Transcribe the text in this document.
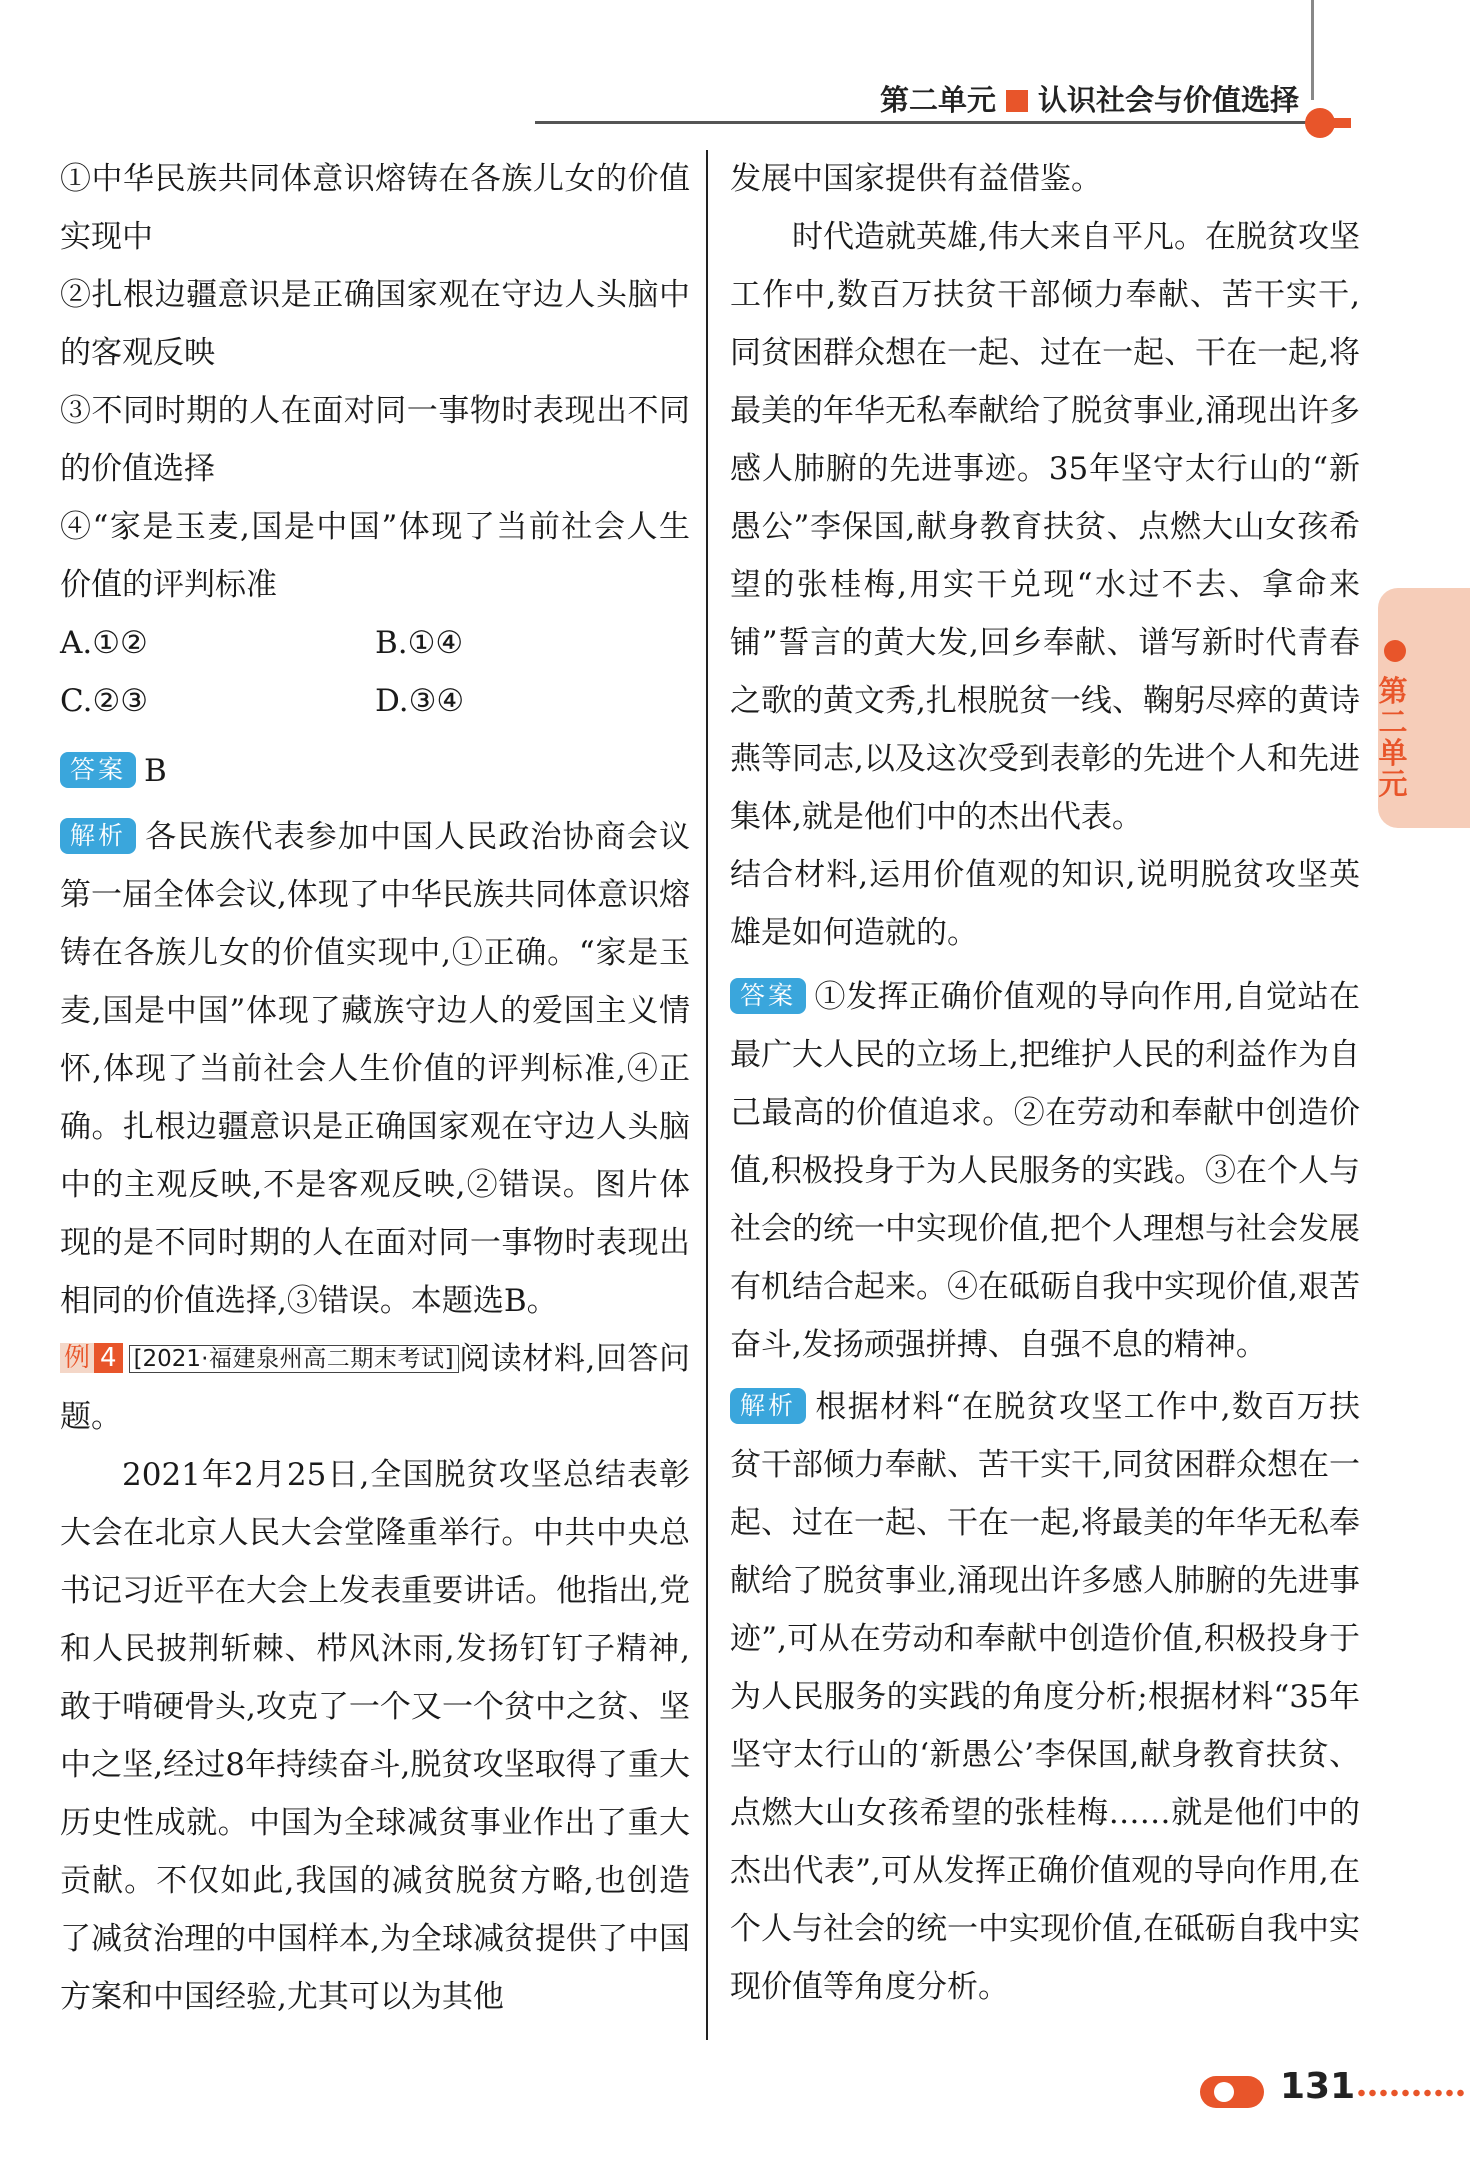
第二单元 认识社会与价值选择

①中华民族共同体意识熔铸在各族儿女的价值实现中

②扎根边疆意识是正确国家观在守边人头脑中的客观反映

③不同时期的人在面对同一事物时表现出不同的价值选择

④“家是玉麦,国是中国”体现了当前社会人生价值的评判标准

A.①②	B.①④
C.②③	D.③④

答案 B

解析 各民族代表参加中国人民政治协商会议第一届全体会议,体现了中华民族共同体意识熔铸在各族儿女的价值实现中,①正确。“家是玉麦,国是中国”体现了藏族守边人的爱国主义情怀,体现了当前社会人生价值的评判标准,④正确。扎根边疆意识是正确国家观在守边人头脑中的主观反映,不是客观反映,②错误。图片体现的是不同时期的人在面对同一事物时表现出相同的价值选择,③错误。本题选B。

例 4 [2021·福建泉州高二期末考试] 阅读材料,回答问题。

2021年2月25日,全国脱贫攻坚总结表彰大会在北京人民大会堂隆重举行。中共中央总书记习近平在大会上发表重要讲话。他指出,党和人民披荆斩棘、栉风沐雨,发扬钉钉子精神,敢于啃硬骨头,攻克了一个又一个贫中之贫、坚中之坚,经过8年持续奋斗,脱贫攻坚取得了重大历史性成就。中国为全球减贫事业作出了重大贡献。不仅如此,我国的减贫脱贫方略,也创造了减贫治理的中国样本,为全球减贫提供了中国方案和中国经验,尤其可以为其他

发展中国家提供有益借鉴。

时代造就英雄,伟大来自平凡。在脱贫攻坚工作中,数百万扶贫干部倾力奉献、苦干实干,同贫困群众想在一起、过在一起、干在一起,将最美的年华无私奉献给了脱贫事业,涌现出许多感人肺腑的先进事迹。35年坚守太行山的“新愚公”李保国,献身教育扶贫、点燃大山女孩希望的张桂梅,用实干兑现“水过不去、拿命来铺”誓言的黄大发,回乡奉献、谱写新时代青春之歌的黄文秀,扎根脱贫一线、鞠躬尽瘁的黄诗燕等同志,以及这次受到表彰的先进个人和先进集体,就是他们中的杰出代表。

结合材料,运用价值观的知识,说明脱贫攻坚英雄是如何造就的。

答案 ①发挥正确价值观的导向作用,自觉站在最广大人民的立场上,把维护人民的利益作为自己最高的价值追求。②在劳动和奉献中创造价值,积极投身于为人民服务的实践。③在个人与社会的统一中实现价值,把个人理想与社会发展有机结合起来。④在砥砺自我中实现价值,艰苦奋斗,发扬顽强拼搏、自强不息的精神。

解析 根据材料“在脱贫攻坚工作中,数百万扶贫干部倾力奉献、苦干实干,同贫困群众想在一起、过在一起、干在一起,将最美的年华无私奉献给了脱贫事业,涌现出许多感人肺腑的先进事迹”,可从在劳动和奉献中创造价值,积极投身于为人民服务的实践的角度分析;根据材料“35年坚守太行山的‘新愚公’李保国,献身教育扶贫、点燃大山女孩希望的张桂梅……就是他们中的杰出代表”,可从发挥正确价值观的导向作用,在个人与社会的统一中实现价值,在砥砺自我中实现价值等角度分析。

第二单元
131
